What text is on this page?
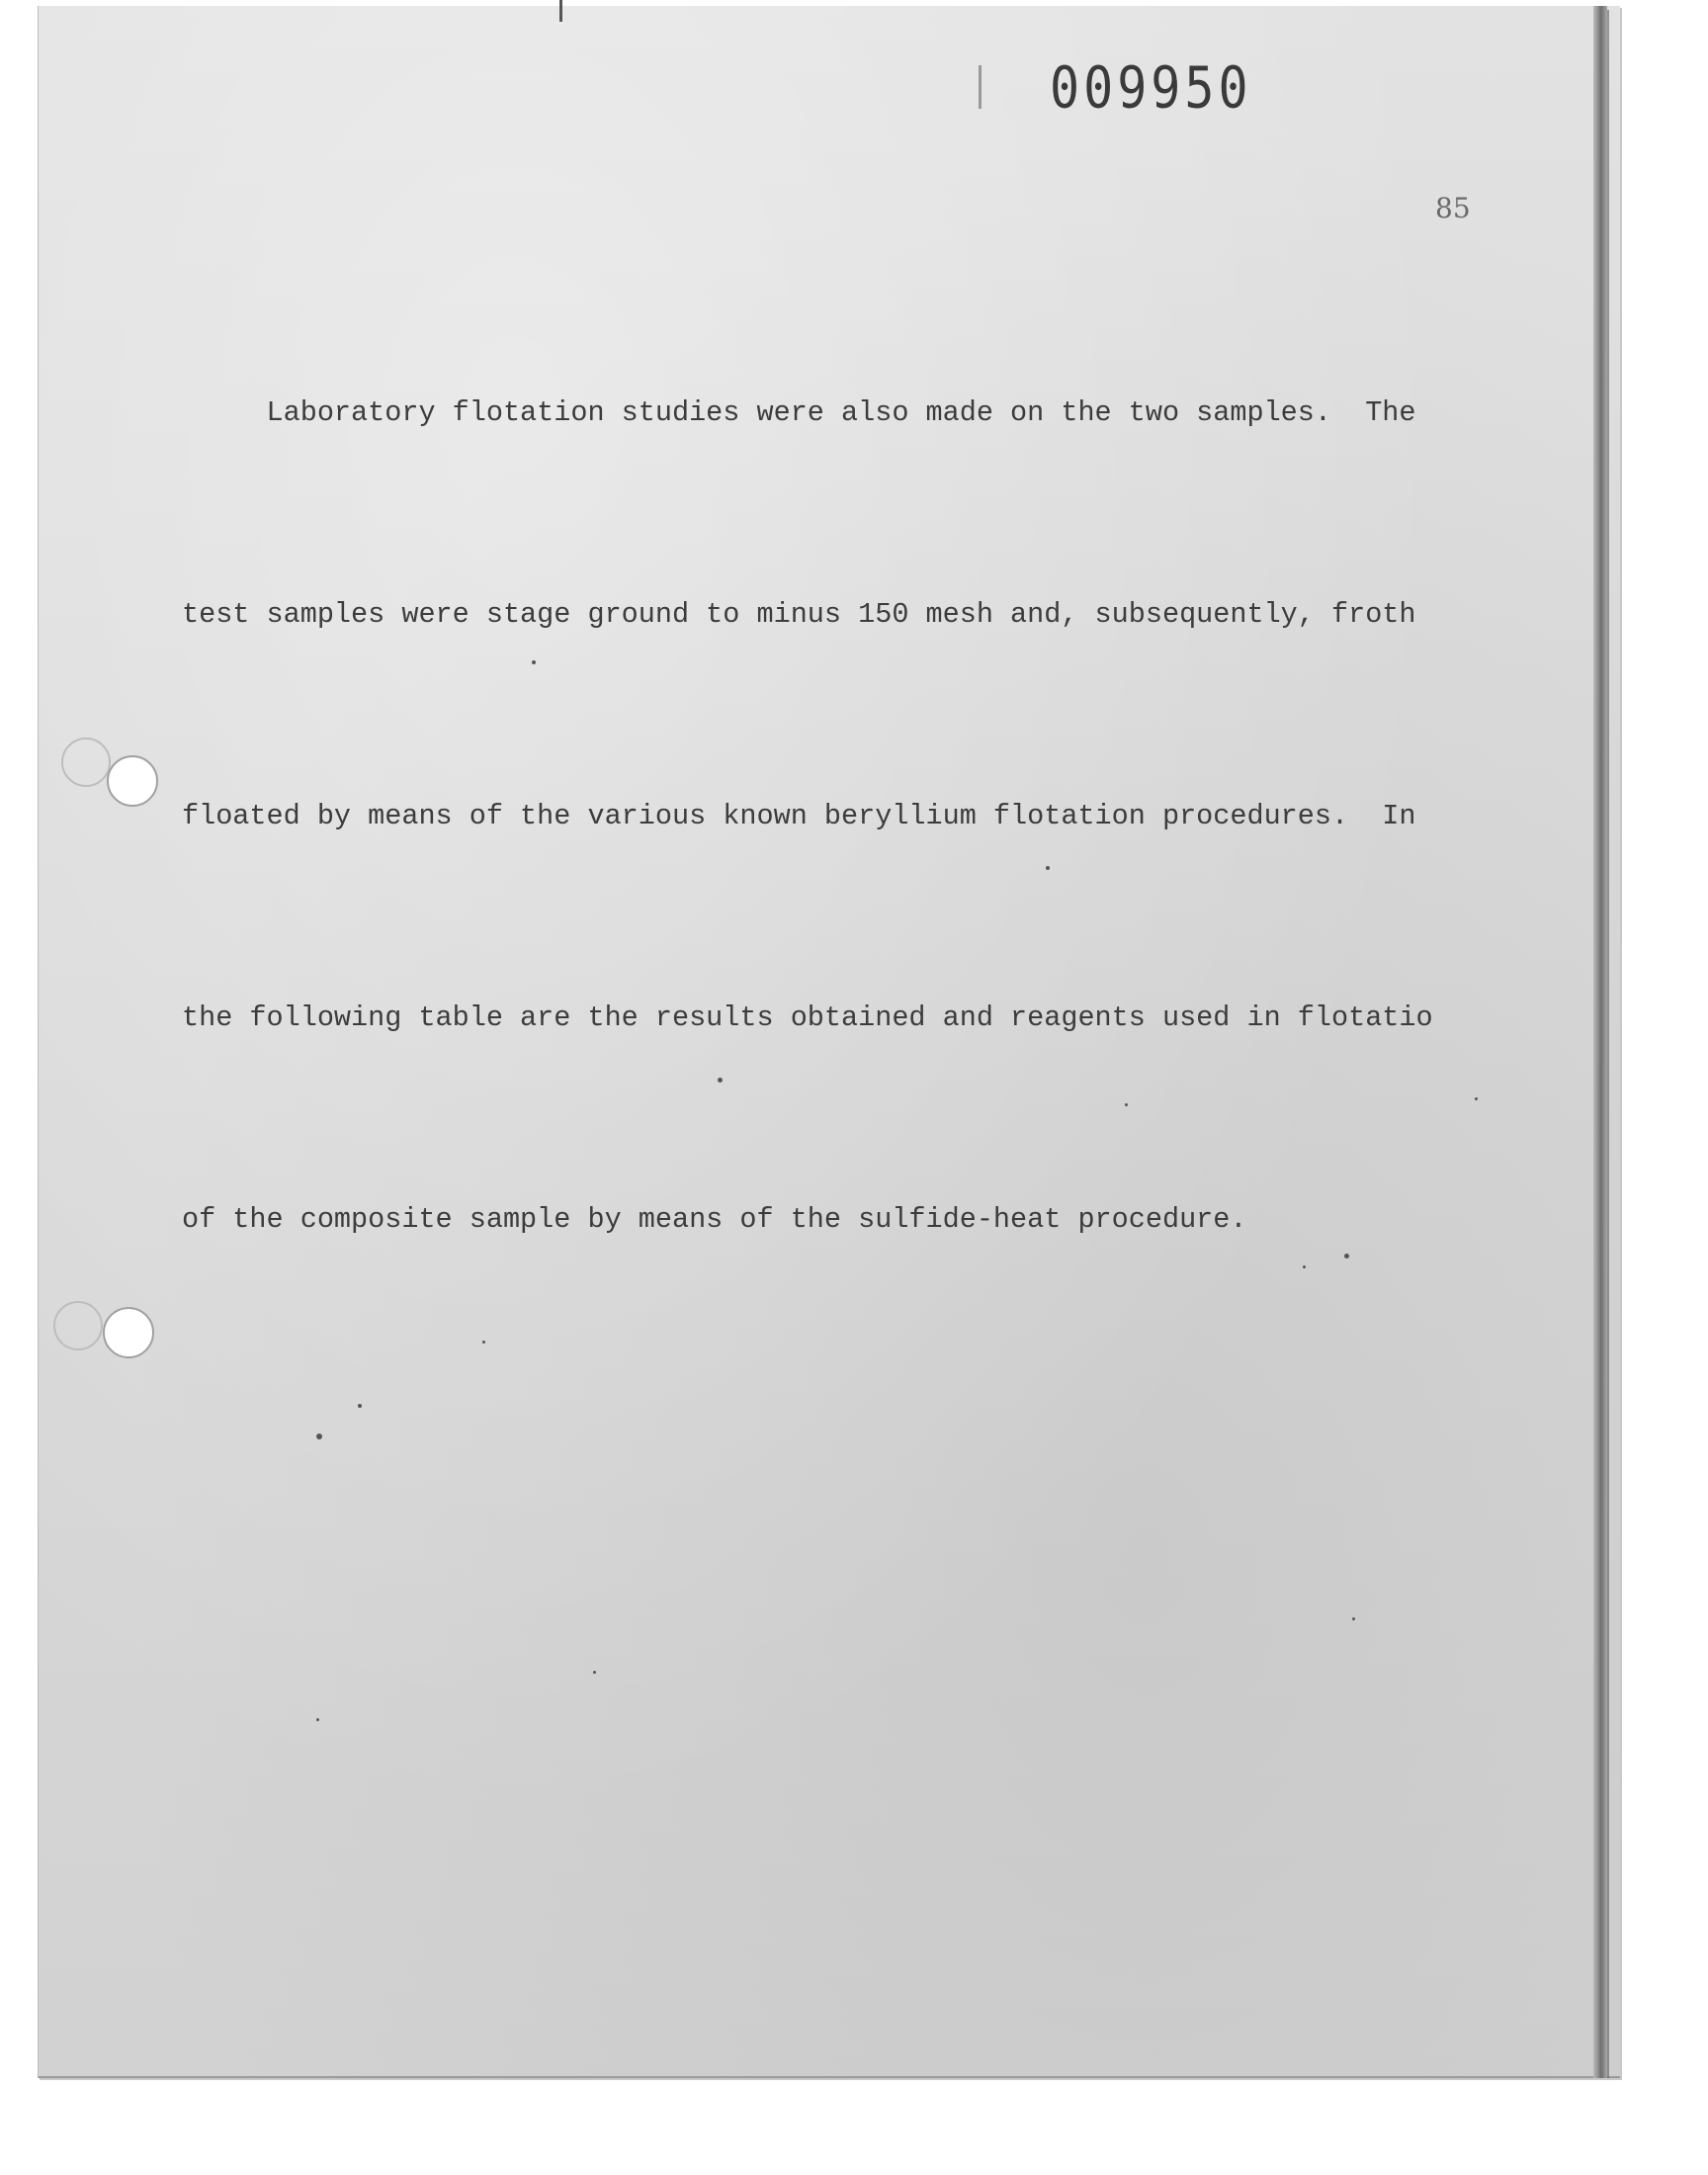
009950
85

Laboratory flotation studies were also made on the two samples.  The

test samples were stage ground to minus 150 mesh and, subsequently, froth

floated by means of the various known beryllium flotation procedures.  In

the following table are the results obtained and reagents used in flotatio

of the composite sample by means of the sulfide-heat procedure.
